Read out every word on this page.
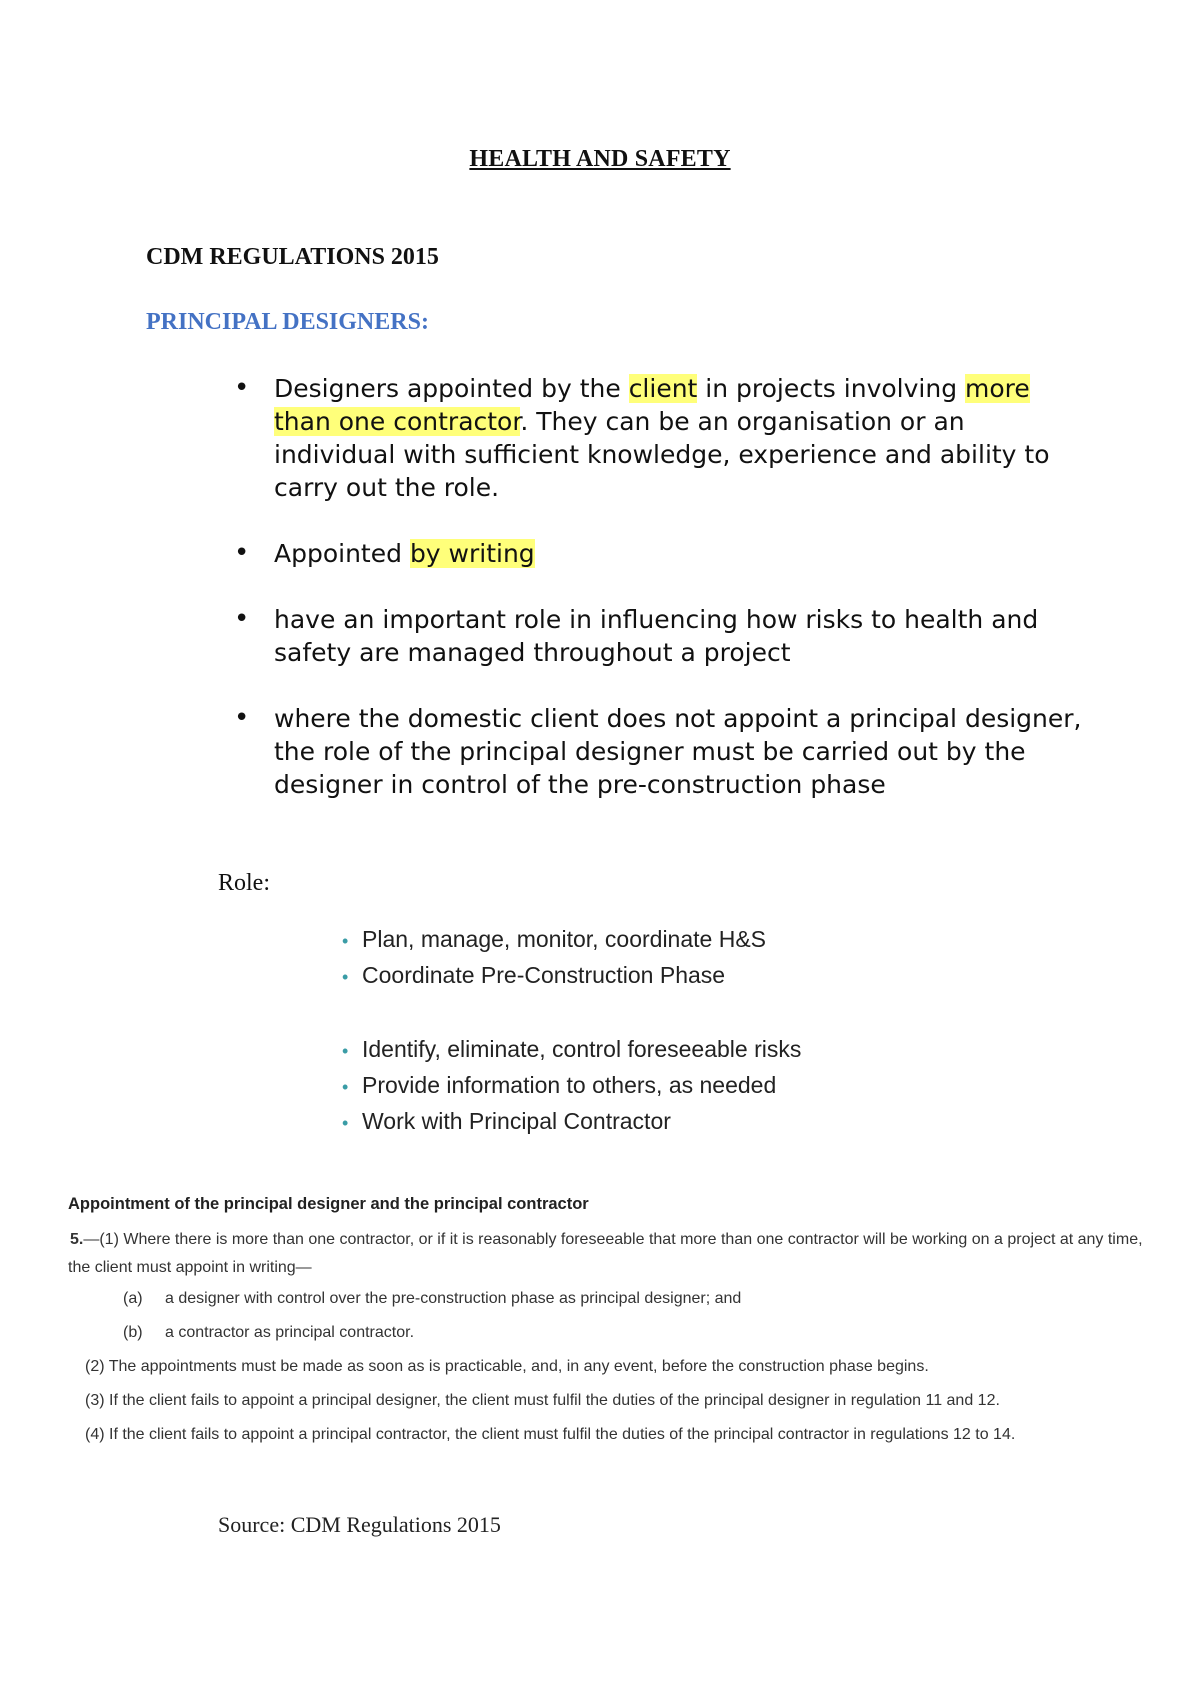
HEALTH AND SAFETY
CDM REGULATIONS 2015
PRINCIPAL DESIGNERS:
• Designers appointed by the client in projects involving more than one contractor. They can be an organisation or an individual with sufficient knowledge, experience and ability to carry out the role.
• Appointed by writing
• have an important role in influencing how risks to health and safety are managed throughout a project
• where the domestic client does not appoint a principal designer, the role of the principal designer must be carried out by the designer in control of the pre-construction phase
Role:
• Plan, manage, monitor, coordinate H&S
• Coordinate Pre-Construction Phase
• Identify, eliminate, control foreseeable risks
• Provide information to others, as needed
• Work with Principal Contractor
Appointment of the principal designer and the principal contractor
5.—(1) Where there is more than one contractor, or if it is reasonably foreseeable that more than one contractor will be working on a project at any time, the client must appoint in writing—
(a) a designer with control over the pre-construction phase as principal designer; and
(b) a contractor as principal contractor.
(2) The appointments must be made as soon as is practicable, and, in any event, before the construction phase begins.
(3) If the client fails to appoint a principal designer, the client must fulfil the duties of the principal designer in regulation 11 and 12.
(4) If the client fails to appoint a principal contractor, the client must fulfil the duties of the principal contractor in regulations 12 to 14.
Source: CDM Regulations 2015
